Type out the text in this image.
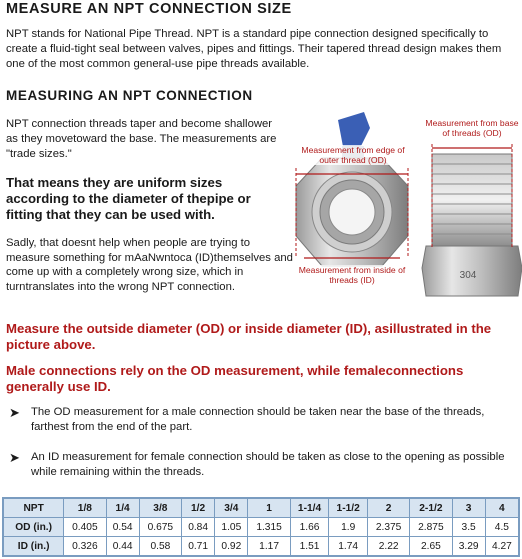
MEASURE AN NPT CONNECTION SIZE
NPT stands for National Pipe Thread. NPT is a standard pipe connection designed specifically to create a fluid-tight seal between valves, pipes and fittings. Their tapered thread design makes them one of the most common general-use pipe threads available.
MEASURING AN NPT CONNECTION
NPT connection threads taper and become shallower as they movetoward the base. The measurements are "trade sizes."
That means they are uniform sizes according to the diameter of thepipe or fitting that they can be used with.
Sadly, that doesnt help when people are trying to measure something for mAaNwntoca (ID)themselves and come up with a completely wrong size, which in turntranslates into the wrong NPT connection.
304
Measurement from edge of outer thread (OD)
Measurement from base of threads (OD)
Measurement from inside of threads (ID)
Measure the outside diameter (OD) or inside diameter (ID), asillustrated in the picture above.
Male connections rely on the OD measurement, while femaleconnections generally use ID.
➤ The OD measurement for a male connection should be taken near the base of the threads, farthest from the end of the part.
➤ An ID measurement for female connection should be taken as close to the opening as possible while remaining within the threads.
NPT	1/8	1/4	3/8	1/2	3/4	1	1-1/4	1-1/2	2	2-1/2	3	4
OD (in.)	0.405	0.54	0.675	0.84	1.05	1.315	1.66	1.9	2.375	2.875	3.5	4.5
ID (in.)	0.326	0.44	0.58	0.71	0.92	1.17	1.51	1.74	2.22	2.65	3.29	4.27
